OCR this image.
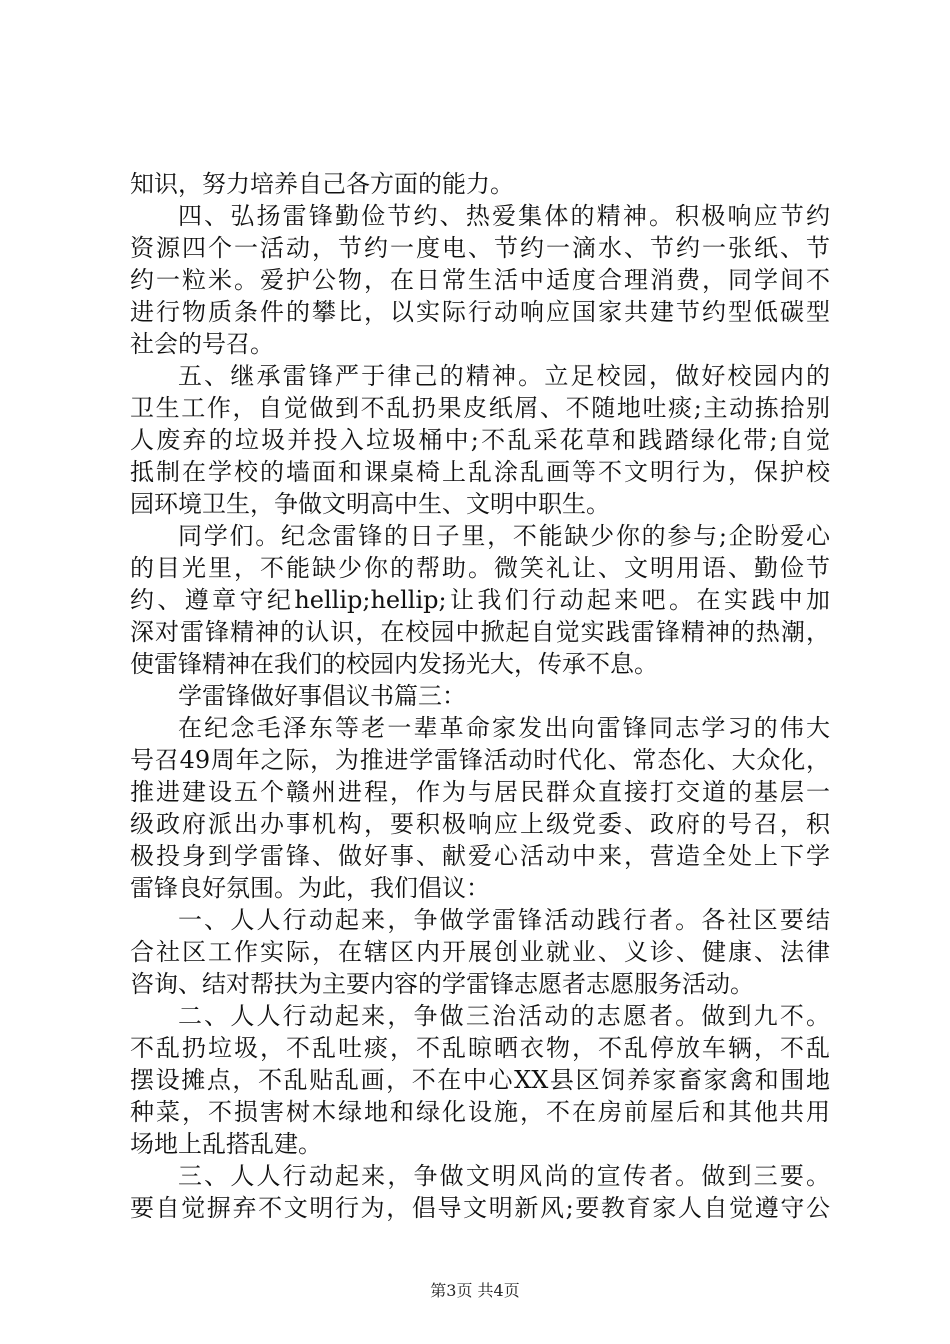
知识，努力培养自己各方面的能力。
四、弘扬雷锋勤俭节约、热爱集体的精神。积极响应节约
资源四个一活动，节约一度电、节约一滴水、节约一张纸、节
约一粒米。爱护公物，在日常生活中适度合理消费，同学间不
进行物质条件的攀比，以实际行动响应国家共建节约型低碳型
社会的号召。
五、继承雷锋严于律己的精神。立足校园，做好校园内的
卫生工作，自觉做到不乱扔果皮纸屑、不随地吐痰;主动拣拾别
人废弃的垃圾并投入垃圾桶中;不乱采花草和践踏绿化带;自觉
抵制在学校的墙面和课桌椅上乱涂乱画等不文明行为，保护校
园环境卫生，争做文明高中生、文明中职生。
同学们。纪念雷锋的日子里，不能缺少你的参与;企盼爱心
的目光里，不能缺少你的帮助。微笑礼让、文明用语、勤俭节
约、遵章守纪hellip;hellip;让我们行动起来吧。在实践中加
深对雷锋精神的认识，在校园中掀起自觉实践雷锋精神的热潮，
使雷锋精神在我们的校园内发扬光大，传承不息。
学雷锋做好事倡议书篇三：
在纪念毛泽东等老一辈革命家发出向雷锋同志学习的伟大
号召49周年之际，为推进学雷锋活动时代化、常态化、大众化，
推进建设五个赣州进程，作为与居民群众直接打交道的基层一
级政府派出办事机构，要积极响应上级党委、政府的号召，积
极投身到学雷锋、做好事、献爱心活动中来，营造全处上下学
雷锋良好氛围。为此，我们倡议：
一、人人行动起来，争做学雷锋活动践行者。各社区要结
合社区工作实际，在辖区内开展创业就业、义诊、健康、法律
咨询、结对帮扶为主要内容的学雷锋志愿者志愿服务活动。
二、人人行动起来，争做三治活动的志愿者。做到九不。
不乱扔垃圾，不乱吐痰，不乱晾晒衣物，不乱停放车辆，不乱
摆设摊点，不乱贴乱画，不在中心XX县区饲养家畜家禽和围地
种菜，不损害树木绿地和绿化设施，不在房前屋后和其他共用
场地上乱搭乱建。
三、人人行动起来，争做文明风尚的宣传者。做到三要。
要自觉摒弃不文明行为，倡导文明新风;要教育家人自觉遵守公
第3页 共4页
